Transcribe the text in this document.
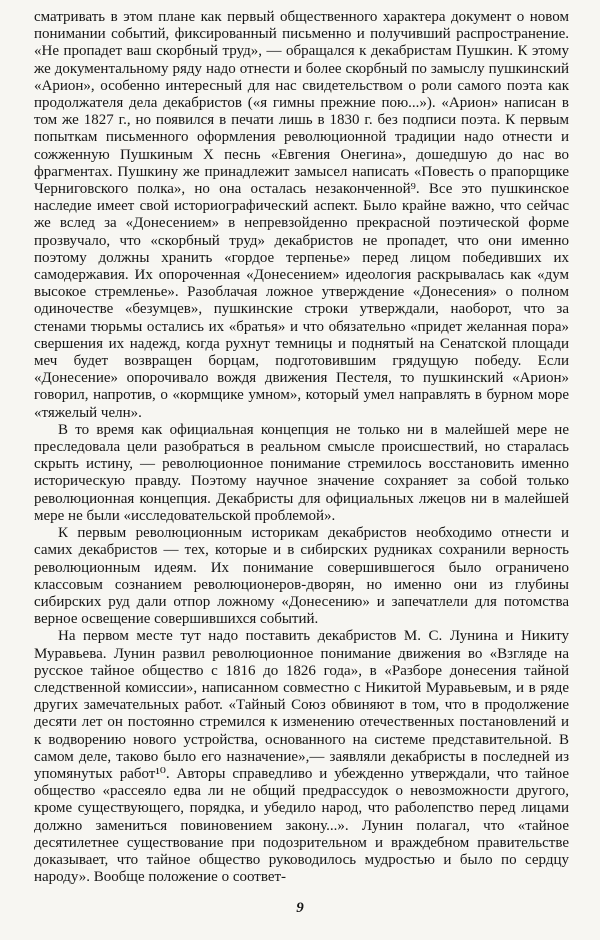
сматривать в этом плане как первый общественного характера документ о новом понимании событий, фиксированный письменно и получивший распространение. «Не пропадет ваш скорбный труд», — обращался к декабристам Пушкин. К этому же документальному ряду надо отнести и более скорбный по замыслу пушкинский «Арион», особенно интересный для нас свидетельством о роли самого поэта как продолжателя дела декабристов («я гимны прежние пою...»). «Арион» написан в том же 1827 г., но появился в печати лишь в 1830 г. без подписи поэта. К первым попыткам письменного оформления революционной традиции надо отнести и сожженную Пушкиным X песнь «Евгения Онегина», дошедшую до нас во фрагментах. Пушкину же принадлежит замысел написать «Повесть о прапорщике Черниговского полка», но она осталась незаконченной⁹. Все это пушкинское наследие имеет свой историографический аспект. Было крайне важно, что сейчас же вслед за «Донесением» в непревзойденно прекрасной поэтической форме прозвучало, что «скорбный труд» декабристов не пропадет, что они именно поэтому должны хранить «гордое терпенье» перед лицом победивших их самодержавия. Их опороченная «Донесением» идеология раскрывалась как «дум высокое стремленье». Разоблачая ложное утверждение «Донесения» о полном одиночестве «безумцев», пушкинские строки утверждали, наоборот, что за стенами тюрьмы остались их «братья» и что обязательно «придет желанная пора» свершения их надежд, когда рухнут темницы и поднятый на Сенатской площади меч будет возвращен борцам, подготовившим грядущую победу. Если «Донесение» опорочивало вождя движения Пестеля, то пушкинский «Арион» говорил, напротив, о «кормщике умном», который умел направлять в бурном море «тяжелый челн».

В то время как официальная концепция не только ни в малейшей мере не преследовала цели разобраться в реальном смысле происшествий, но старалась скрыть истину, — революционное понимание стремилось восстановить именно историческую правду. Поэтому научное значение сохраняет за собой только революционная концепция. Декабристы для официальных лжецов ни в малейшей мере не были «исследовательской проблемой».

К первым революционным историкам декабристов необходимо отнести и самих декабристов — тех, которые и в сибирских рудниках сохранили верность революционным идеям. Их понимание совершившегося было ограничено классовым сознанием революционеров-дворян, но именно они из глубины сибирских руд дали отпор ложному «Донесению» и запечатлели для потомства верное освещение совершившихся событий.

На первом месте тут надо поставить декабристов М. С. Лунина и Никиту Муравьева. Лунин развил революционное понимание движения во «Взгляде на русское тайное общество с 1816 до 1826 года», в «Разборе донесения тайной следственной комиссии», написанном совместно с Никитой Муравьевым, и в ряде других замечательных работ. «Тайный Союз обвиняют в том, что в продолжение десяти лет он постоянно стремился к изменению отечественных постановлений и к водворению нового устройства, основанного на системе представительной. В самом деле, таково было его назначение»,— заявляли декабристы в последней из упомянутых работ¹⁰. Авторы справедливо и убежденно утверждали, что тайное общество «рассеяло едва ли не общий предрассудок о невозможности другого, кроме существующего, порядка, и убедило народ, что раболепство перед лицами должно замениться повиновением закону...». Лунин полагал, что «тайное десятилетнее существование при подозрительном и враждебном правительстве доказывает, что тайное общество руководилось мудростью и было по сердцу народу». Вообще положение о соответ-

9
